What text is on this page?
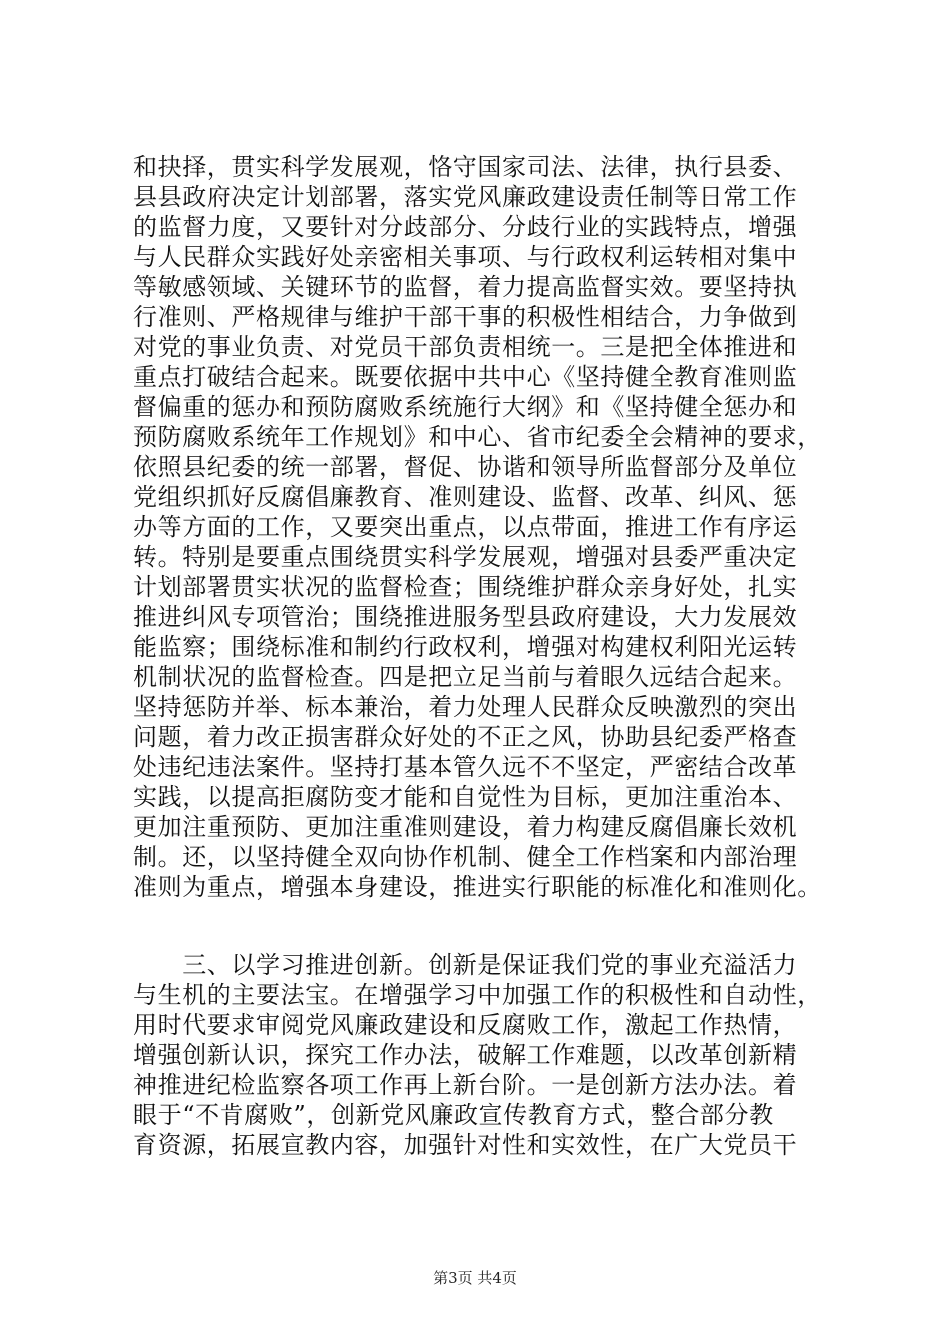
和抉择，贯实科学发展观，恪守国家司法、法律，执行县委、
县县政府决定计划部署，落实党风廉政建设责任制等日常工作
的监督力度，又要针对分歧部分、分歧行业的实践特点，增强
与人民群众实践好处亲密相关事项、与行政权利运转相对集中
等敏感领域、关键环节的监督，着力提高监督实效。要坚持执
行准则、严格规律与维护干部干事的积极性相结合，力争做到
对党的事业负责、对党员干部负责相统一。三是把全体推进和
重点打破结合起来。既要依据中共中心《坚持健全教育准则监
督偏重的惩办和预防腐败系统施行大纲》和《坚持健全惩办和
预防腐败系统年工作规划》和中心、省市纪委全会精神的要求，
依照县纪委的统一部署，督促、协谐和领导所监督部分及单位
党组织抓好反腐倡廉教育、准则建设、监督、改革、纠风、惩
办等方面的工作，又要突出重点，以点带面，推进工作有序运
转。特别是要重点围绕贯实科学发展观，增强对县委严重决定
计划部署贯实状况的监督检查；围绕维护群众亲身好处，扎实
推进纠风专项管治；围绕推进服务型县政府建设，大力发展效
能监察；围绕标准和制约行政权利，增强对构建权利阳光运转
机制状况的监督检查。四是把立足当前与着眼久远结合起来。
坚持惩防并举、标本兼治，着力处理人民群众反映激烈的突出
问题，着力改正损害群众好处的不正之风，协助县纪委严格查
处违纪违法案件。坚持打基本管久远不不坚定，严密结合改革
实践，以提高拒腐防变才能和自觉性为目标，更加注重治本、
更加注重预防、更加注重准则建设，着力构建反腐倡廉长效机
制。还，以坚持健全双向协作机制、健全工作档案和内部治理
准则为重点，增强本身建设，推进实行职能的标准化和准则化。
　　三、以学习推进创新。创新是保证我们党的事业充溢活力
与生机的主要法宝。在增强学习中加强工作的积极性和自动性，
用时代要求审阅党风廉政建设和反腐败工作，激起工作热情，
增强创新认识，探究工作办法，破解工作难题，以改革创新精
神推进纪检监察各项工作再上新台阶。一是创新方法办法。着
眼于“不肯腐败”，创新党风廉政宣传教育方式，整合部分教
育资源，拓展宣教内容，加强针对性和实效性，在广大党员干
第3页 共4页
